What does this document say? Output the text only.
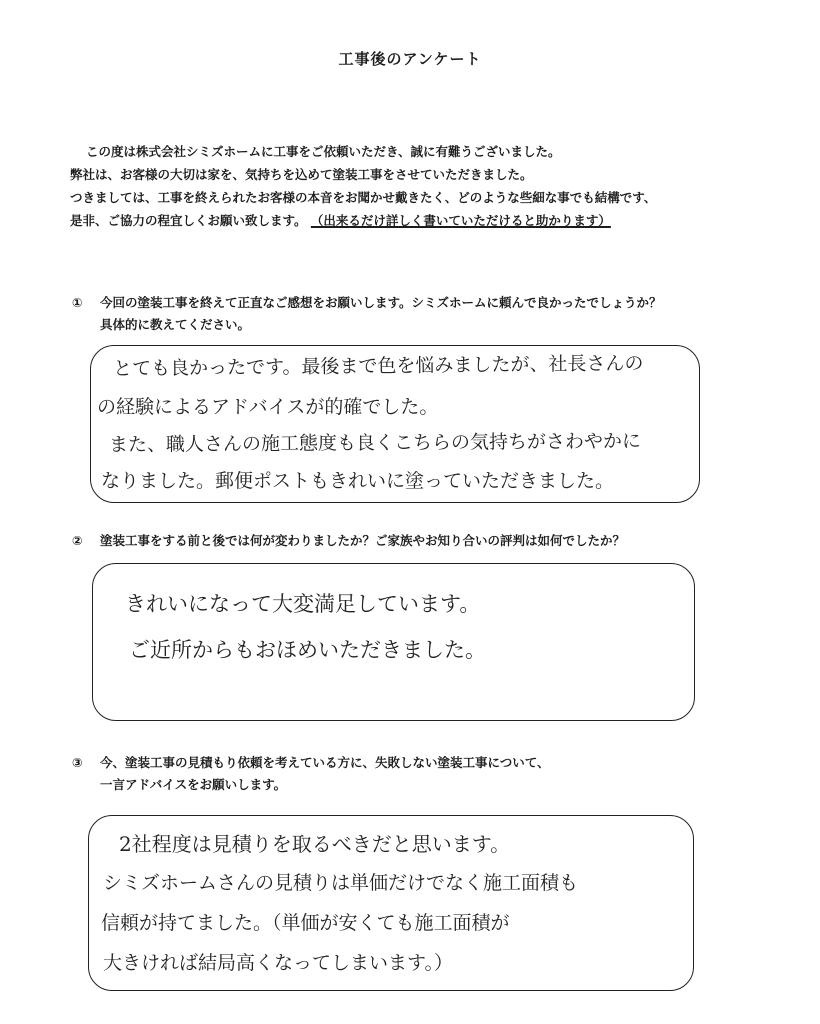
工事後のアンケート

この度は株式会社シミズホームに工事をご依頼いただき、誠に有難うございました。

弊社は、お客様の大切は家を、気持ちを込めて塗装工事をさせていただきました。

つきましては、工事を終えられたお客様の本音をお聞かせ戴きたく、どのような些細な事でも結構です、

是非、ご協力の程宜しくお願い致します。 （出来るだけ詳しく書いていただけると助かります）

① 今回の塗装工事を終えて正直なご感想をお願いします。シミズホームに頼んで良かったでしょうか？
具体的に教えてください。
とても良かったです。最後まで色を悩みましたが、社長さんの
の経験によるアドバイスが的確でした。
また、職人さんの施工態度も良くこちらの気持ちがさわやかに
なりました。郵便ポストもきれいに塗っていただきました。
② 塗装工事をする前と後では何が変わりましたか？ご家族やお知り合いの評判は如何でしたか？
きれいになって大変満足しています。
ご近所からもおほめいただきました。
③ 今、塗装工事の見積もり依頼を考えている方に、失敗しない塗装工事について、
一言アドバイスをお願いします。
2社程度は見積りを取るべきだと思います。
シミズホームさんの見積りは単価だけでなく施工面積も
信頼が持てました。（単価が安くても施工面積が
大きければ結局高くなってしまいます。）
